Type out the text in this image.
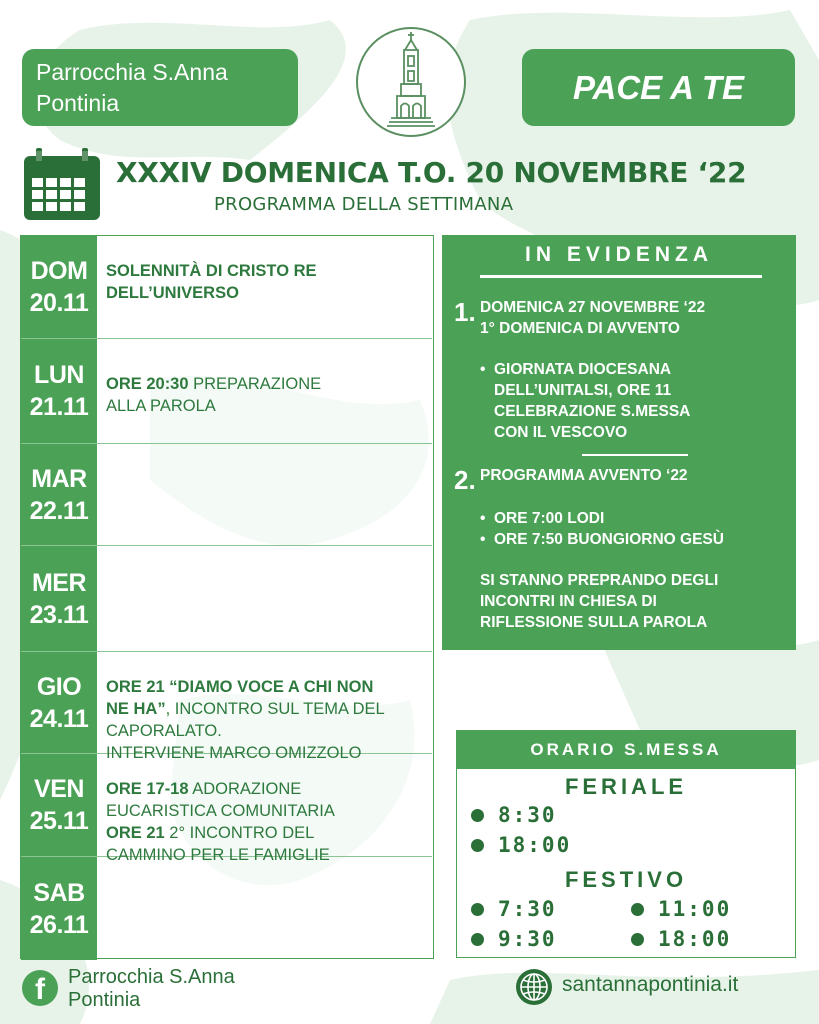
Parrocchia S.Anna
Pontinia	PACE A TE
XXXIV DOMENICA T.O. 20 NOVEMBRE ‘22
PROGRAMMA DELLA SETTIMANA
DOM
20.11
SOLENNITÀ DI CRISTO RE
DELL’UNIVERSO
LUN
21.11
ORE 20:30 PREPARAZIONE
ALLA PAROLA
MAR
22.11
MER
23.11
GIO
24.11
ORE 21 “DIAMO VOCE A CHI NON
NE HA”, INCONTRO SUL TEMA DEL
CAPORALATO.
INTERVIENE MARCO OMIZZOLO
VEN
25.11
ORE 17-18 ADORAZIONE
EUCARISTICA COMUNITARIA
ORE 21 2° INCONTRO DEL
CAMMINO PER LE FAMIGLIE
SAB
26.11
IN EVIDENZA
1. DOMENICA 27 NOVEMBRE ‘22
1° DOMENICA DI AVVENTO
• GIORNATA DIOCESANA
DELL’UNITALSI, ORE 11
CELEBRAZIONE S.MESSA
CON IL VESCOVO
2. PROGRAMMA AVVENTO ‘22
• ORE 7:00 LODI
• ORE 7:50 BUONGIORNO GESÙ
SI STANNO PREPRANDO DEGLI
INCONTRI IN CHIESA DI
RIFLESSIONE SULLA PAROLA
ORARIO S.MESSA
FERIALE
8:30
18:00
FESTIVO
7:30
9:30
11:00
18:00
f Parrocchia S.Anna
Pontinia
santannapontinia.it
